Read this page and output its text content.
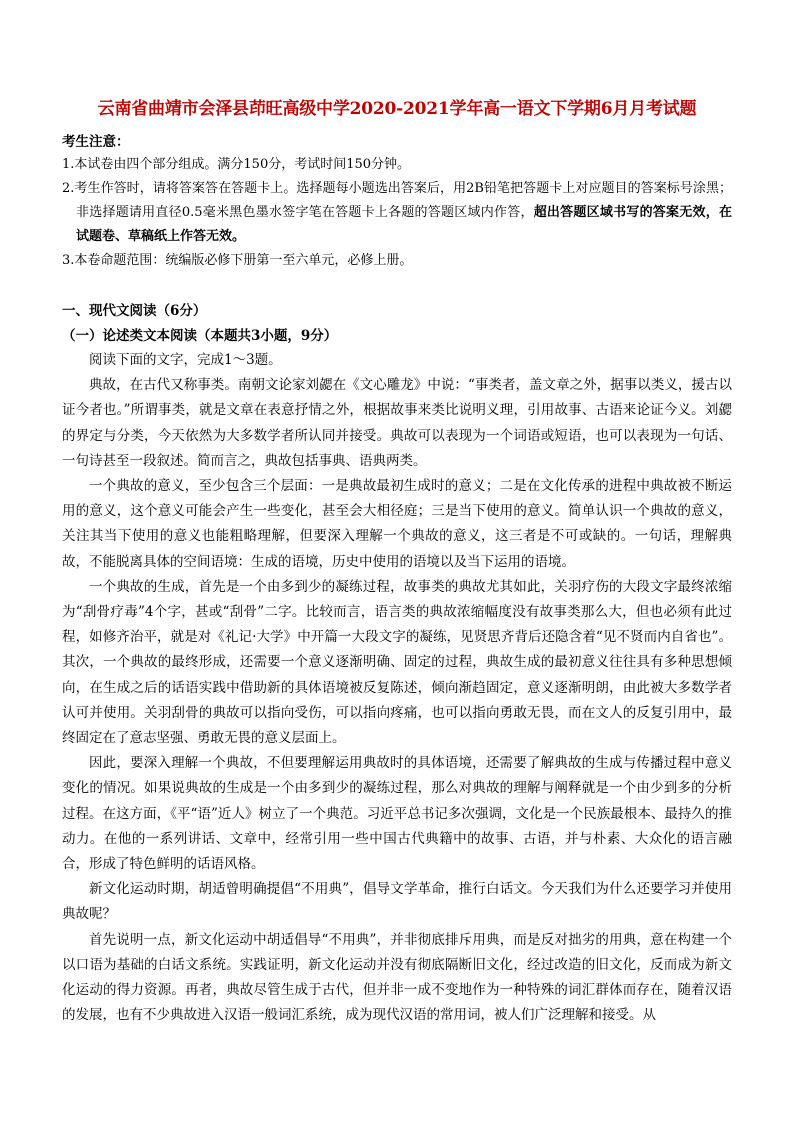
云南省曲靖市会泽县茚旺高级中学2020-2021学年高一语文下学期6月月考试题

考生注意：

1.本试卷由四个部分组成。满分150分，考试时间150分钟。

2.考生作答时，请将答案答在答题卡上。选择题每小题选出答案后，用2B铅笔把答题卡上对应题目的答案标号涂黑；非选择题请用直径0.5毫米黑色墨水签字笔在答题卡上各题的答题区域内作答，超出答题区域书写的答案无效，在试题卷、草稿纸上作答无效。

3.本卷命题范围：统编版必修下册第一至六单元，必修上册。

一、现代文阅读（6分）

（一）论述类文本阅读（本题共3小题，9分）

阅读下面的文字，完成1～3题。

典故，在古代又称事类。南朝文论家刘勰在《文心雕龙》中说：“事类者，盖文章之外，据事以类义，援古以证今者也。”所谓事类，就是文章在表意抒情之外，根据故事来类比说明义理，引用故事、古语来论证今义。刘勰的界定与分类，今天依然为大多数学者所认同并接受。典故可以表现为一个词语或短语，也可以表现为一句话、一句诗甚至一段叙述。简而言之，典故包括事典、语典两类。

一个典故的意义，至少包含三个层面：一是典故最初生成时的意义；二是在文化传承的进程中典故被不断运用的意义，这个意义可能会产生一些变化，甚至会大相径庭；三是当下使用的意义。简单认识一个典故的意义，关注其当下使用的意义也能粗略理解，但要深入理解一个典故的意义，这三者是不可或缺的。一句话，理解典故，不能脱离具体的空间语境：生成的语境，历史中使用的语境以及当下运用的语境。

一个典故的生成，首先是一个由多到少的凝练过程，故事类的典故尤其如此，关羽疗伤的大段文字最终浓缩为“刮骨疗毒”4个字，甚或“刮骨”二字。比较而言，语言类的典故浓缩幅度没有故事类那么大，但也必须有此过程，如修齐治平，就是对《礼记·大学》中开篇一大段文字的凝练，见贤思齐背后还隐含着“见不贤而内自省也”。其次，一个典故的最终形成，还需要一个意义逐渐明确、固定的过程，典故生成的最初意义往往具有多种思想倾向，在生成之后的话语实践中借助新的具体语境被反复陈述，倾向渐趋固定，意义逐渐明朗，由此被大多数学者认可并使用。关羽刮骨的典故可以指向受伤，可以指向疼痛，也可以指向勇敢无畏，而在文人的反复引用中，最终固定在了意志坚强、勇敢无畏的意义层面上。

因此，要深入理解一个典故，不但要理解运用典故时的具体语境，还需要了解典故的生成与传播过程中意义变化的情况。如果说典故的生成是一个由多到少的凝练过程，那么对典故的理解与阐释就是一个由少到多的分析过程。在这方面，《平“语”近人》树立了一个典范。习近平总书记多次强调，文化是一个民族最根本、最持久的推动力。在他的一系列讲话、文章中，经常引用一些中国古代典籍中的故事、古语，并与朴素、大众化的语言融合，形成了特色鲜明的话语风格。

新文化运动时期，胡适曾明确提倡“不用典”，倡导文学革命，推行白话文。今天我们为什么还要学习并使用典故呢？

首先说明一点，新文化运动中胡适倡导“不用典”，并非彻底排斥用典，而是反对拙劣的用典，意在构建一个以口语为基础的白话文系统。实践证明，新文化运动并没有彻底隔断旧文化，经过改造的旧文化，反而成为新文化运动的得力资源。再者，典故尽管生成于古代，但并非一成不变地作为一种特殊的词汇群体而存在，随着汉语的发展，也有不少典故进入汉语一般词汇系统，成为现代汉语的常用词，被人们广泛理解和接受。从
